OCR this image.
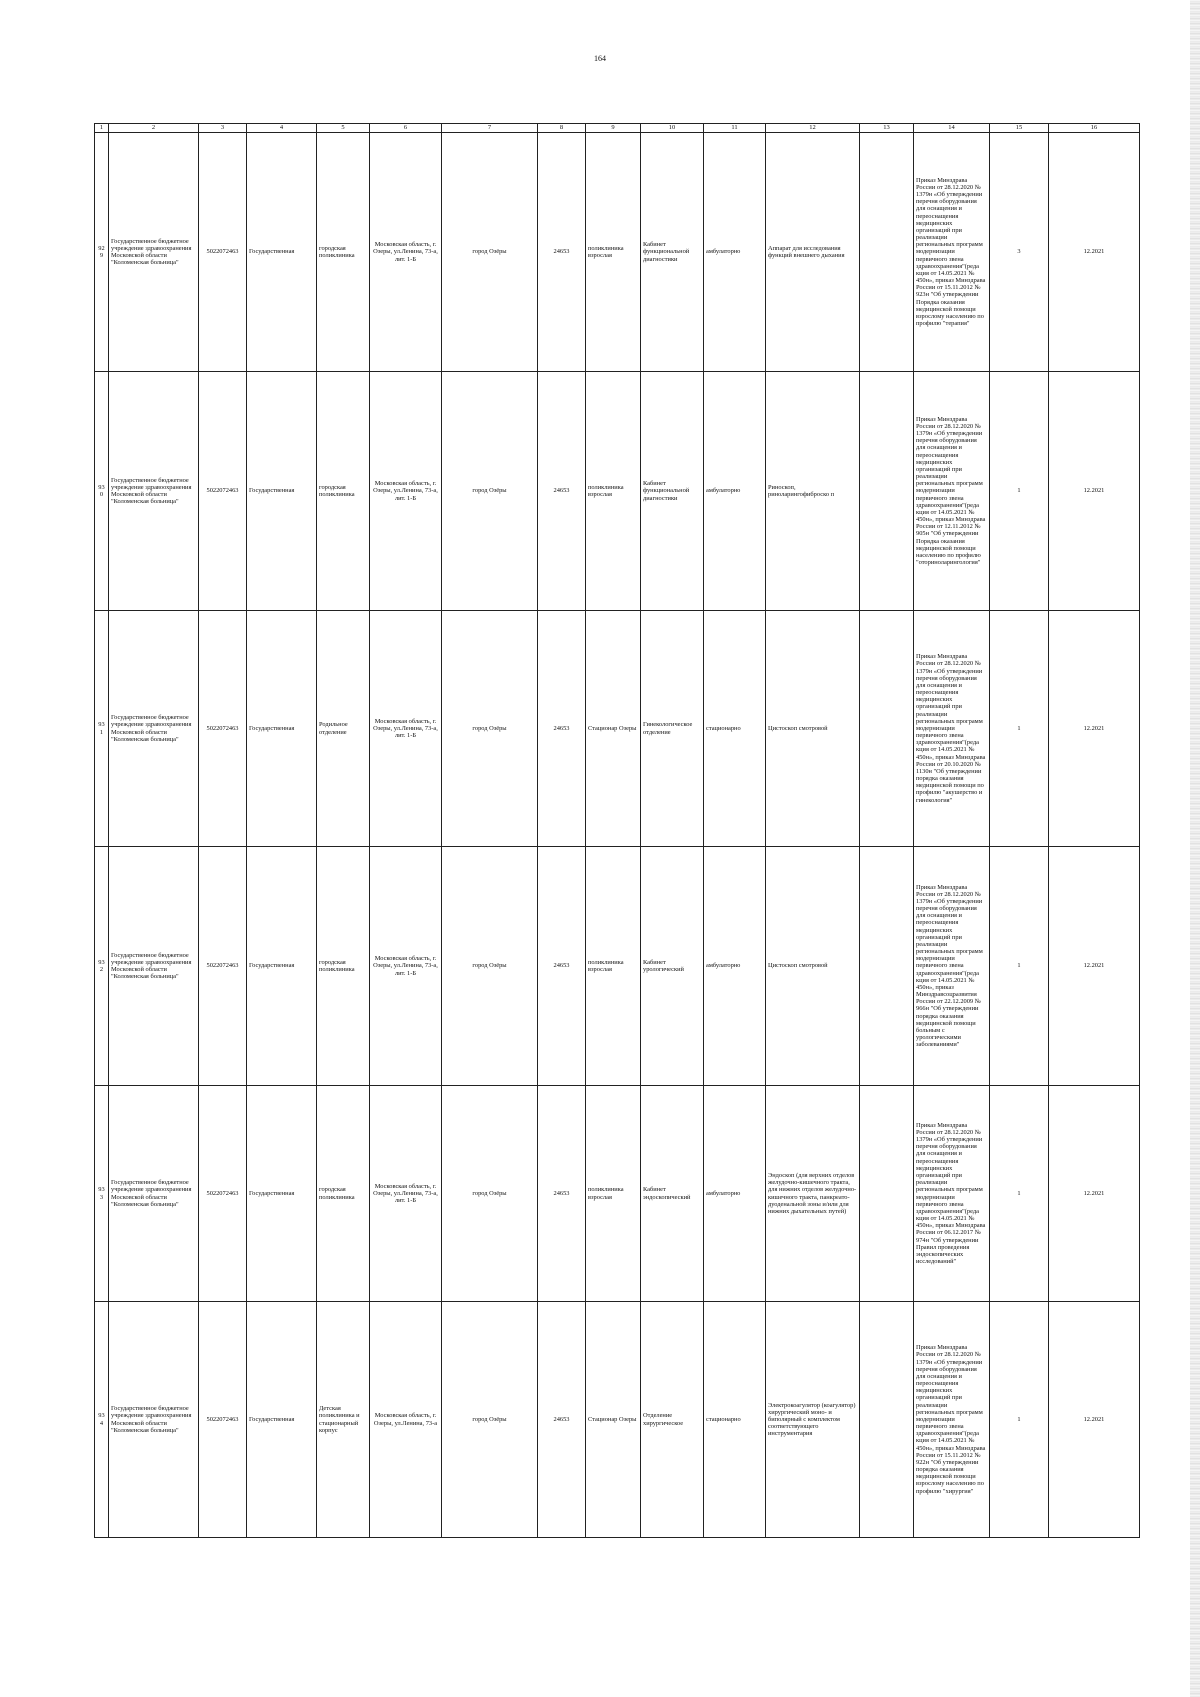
164
1	2	3	4	5	6	7	8	9	10	11	12	13	14	15	16
929	Государственное бюджетное учреждение здравоохранения Московской области "Коломенская больница"	5022072463	Государственная	городская поликлиника	Московская область, г. Озеры, ул.Ленина, 73-а, лит. 1-Б	город Озёры	24653	поликлиника взрослая	Кабинет функциональной диагностики	амбулаторно	Аппарат для исследования функций внешнего дыхания		Приказ Минздрава России от 28.12.2020 № 1379н «Об утверждении перечня оборудования для оснащения и переоснащения медицинских организаций при реализации региональных программ модернизации первичного звена здравоохранения"(реда кция от 14.05.2021 № 450н», приказ Минздрава России от 15.11.2012 № 923н "Об утверждении Порядка оказания медицинской помощи взрослому населению по профилю "терапия"	3	12.2021
930	Государственное бюджетное учреждение здравоохранения Московской области "Коломенская больница"	5022072463	Государственная	городская поликлиника	Московская область, г. Озеры, ул.Ленина, 73-а, лит. 1-Б	город Озёры	24653	поликлиника взрослая	Кабинет функциональной диагностики	амбулаторно	Риноскоп, риноларингофиброско п		Приказ Минздрава России от 28.12.2020 № 1379н «Об утверждении перечня оборудования для оснащения и переоснащения медицинских организаций при реализации региональных программ модернизации первичного звена здравоохранения"(реда кция от 14.05.2021 № 450н», приказ Минздрава России от 12.11.2012 № 905н "Об утверждении Порядка оказания медицинской помощи населению по профилю "оториноларингология"	1	12.2021
931	Государственное бюджетное учреждение здравоохранения Московской области "Коломенская больница"	5022072463	Государственная	Родильное отделение	Московская область, г. Озеры, ул.Ленина, 73-а, лит. 1-Б	город Озёры	24653	Стационар Озеры	Гинекологическое отделение	стационарно	Цистоскоп смотровой		Приказ Минздрава России от 28.12.2020 № 1379н «Об утверждении перечня оборудования для оснащения и переоснащения медицинских организаций при реализации региональных программ модернизации первичного звена здравоохранения"(реда кция от 14.05.2021 № 450н», приказ Минздрава России от 20.10.2020 № 1130н "Об утверждении порядка оказания медицинской помощи по профилю "акушерство и гинекология"	1	12.2021
932	Государственное бюджетное учреждение здравоохранения Московской области "Коломенская больница"	5022072463	Государственная	городская поликлиника	Московская область, г. Озеры, ул.Ленина, 73-а, лит. 1-Б	город Озёры	24653	поликлиника взрослая	Кабинет урологический	амбулаторно	Цистоскоп смотровой		Приказ Минздрава России от 28.12.2020 № 1379н «Об утверждении перечня оборудования для оснащения и переоснащения медицинских организаций при реализации региональных программ модернизации первичного звена здравоохранения"(реда кция от 14.05.2021 № 450н», приказ Минздравсоцразвития России от 22.12.2009 № 966н "Об утверждении порядка оказания медицинской помощи больным с урологическими заболеваниями"	1	12.2021
933	Государственное бюджетное учреждение здравоохранения Московской области "Коломенская больница"	5022072463	Государственная	городская поликлиника	Московская область, г. Озеры, ул.Ленина, 73-а, лит. 1-Б	город Озёры	24653	поликлиника взрослая	Кабинет эндоскопический	амбулаторно	Эндоскоп (для верхних отделов желудочно-кишечного тракта, для нижних отделов желудочно-кишечного тракта, панкреато-дуоденальной зоны и/или для нижних дыхательных путей)		Приказ Минздрава России от 28.12.2020 № 1379н «Об утверждении перечня оборудования для оснащения и переоснащения медицинских организаций при реализации региональных программ модернизации первичного звена здравоохранения"(реда кция от 14.05.2021 № 450н», приказ Минздрава России от 06.12.2017 № 974н "Об утверждении Правил проведения эндоскопических исследований"	1	12.2021
934	Государственное бюджетное учреждение здравоохранения Московской области "Коломенская больница"	5022072463	Государственная	Детская поликлиника и стационарный корпус	Московская область, г. Озеры, ул.Ленина, 73-а	город Озёры	24653	Стационар Озеры	Отделение хирургическое	стационарно	Электрокоагулятор (коагулятор) хирургический моно- и биполярный с комплектом соответствующего инструментария		Приказ Минздрава России от 28.12.2020 № 1379н «Об утверждении перечня оборудования для оснащения и переоснащения медицинских организаций при реализации региональных программ модернизации первичного звена здравоохранения"(реда кция от 14.05.2021 № 450н», приказ Минздрава России от 15.11.2012 № 922н "Об утверждении порядка оказания медицинской помощи взрослому населению по профилю "хирургия"	1	12.2021
